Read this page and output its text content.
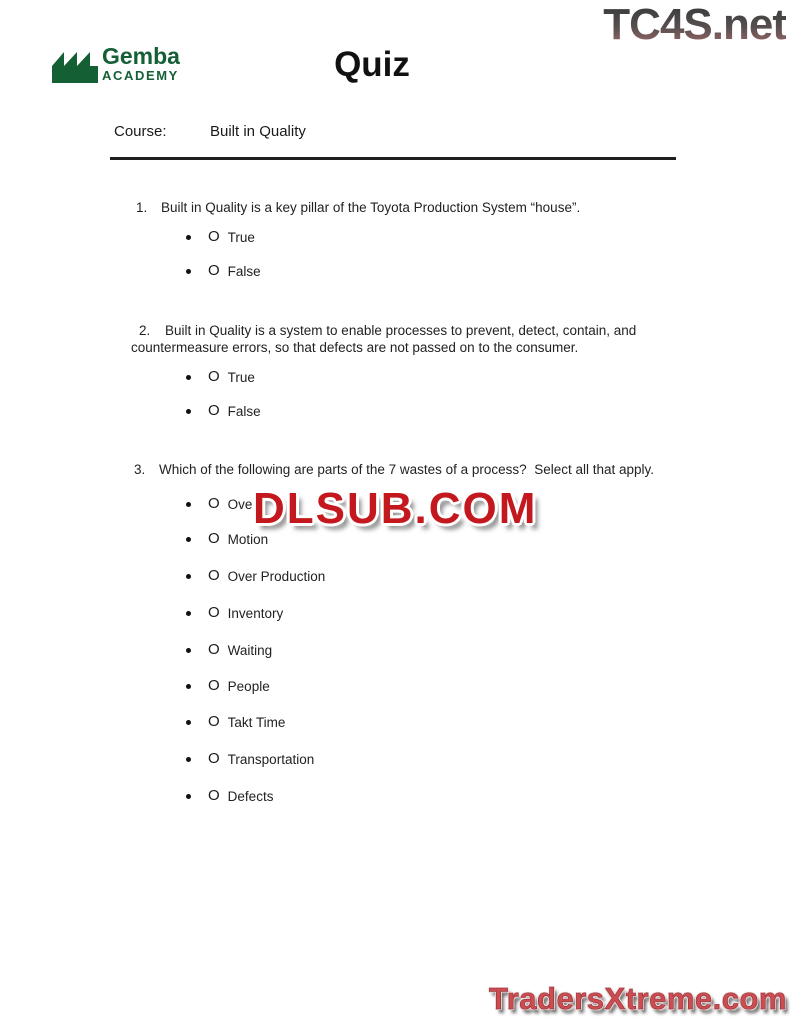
TC4S.net
Gemba
ACADEMY	Quiz
Course:	Built in Quality
1. Built in Quality is a key pillar of the Toyota Production System “house”.
O True
O False
2. Built in Quality is a system to enable processes to prevent, detect, contain, and
countermeasure errors, so that defects are not passed on to the consumer.
O True
O False
3. Which of the following are parts of the 7 wastes of a process?  Select all that apply.
O Over
O Motion
O Over Production
O Inventory
O Waiting
O People
O Takt Time
O Transportation
O Defects
DLSUB.COM
TradersXtreme.com
